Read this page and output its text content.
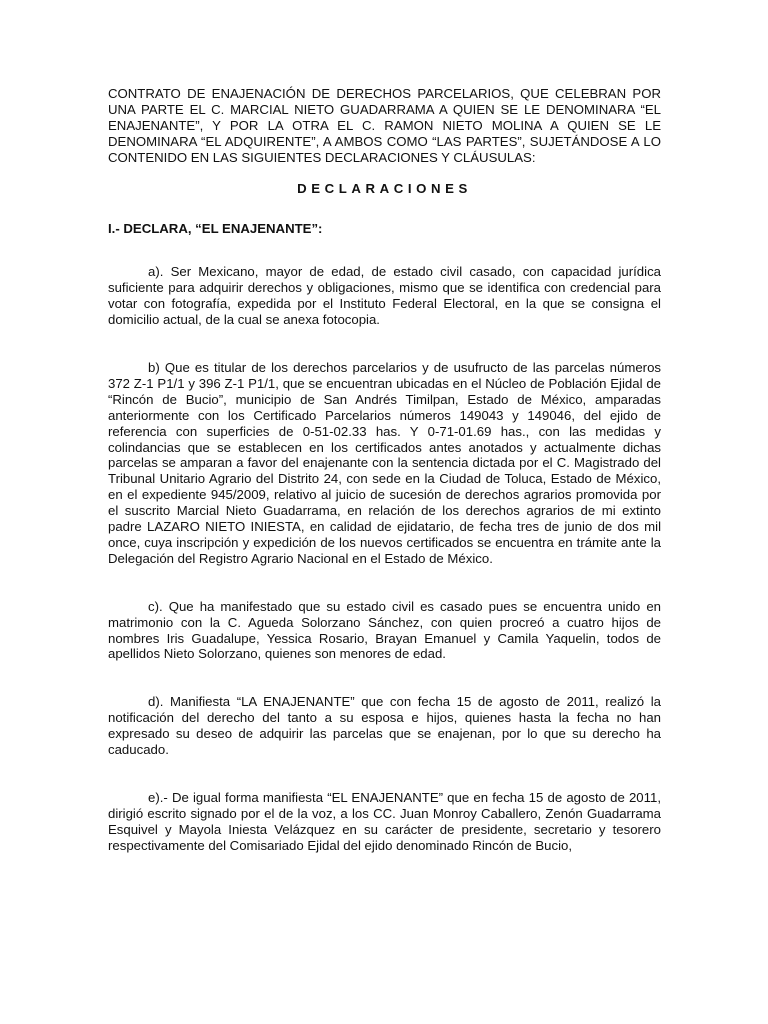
CONTRATO DE ENAJENACIÓN DE DERECHOS PARCELARIOS, QUE CELEBRAN POR UNA PARTE EL C. MARCIAL NIETO GUADARRAMA A QUIEN SE LE DENOMINARA “EL ENAJENANTE”, Y POR LA OTRA EL C. RAMON NIETO MOLINA A QUIEN SE LE DENOMINARA “EL ADQUIRENTE”, A AMBOS COMO “LAS PARTES”, SUJETÁNDOSE A LO CONTENIDO EN LAS SIGUIENTES DECLARACIONES Y CLÁUSULAS:

DECLARACIONES

I.- DECLARA, “EL ENAJENANTE”:

a). Ser Mexicano, mayor de edad, de estado civil casado, con capacidad jurídica suficiente para adquirir derechos y obligaciones, mismo que se identifica con credencial para votar con fotografía, expedida por el Instituto Federal Electoral, en la que se consigna el domicilio actual, de la cual se anexa fotocopia.

b) Que es titular de los derechos parcelarios y de usufructo de las parcelas números 372 Z-1 P1/1 y 396 Z-1 P1/1, que se encuentran ubicadas en el Núcleo de Población Ejidal de “Rincón de Bucio”, municipio de San Andrés Timilpan, Estado de México, amparadas anteriormente con los Certificado Parcelarios números 149043 y 149046, del ejido de referencia con superficies de 0-51-02.33 has. Y 0-71-01.69 has., con las medidas y colindancias que se establecen en los certificados antes anotados y actualmente dichas parcelas se amparan a favor del enajenante con la sentencia dictada por el C. Magistrado del Tribunal Unitario Agrario del Distrito 24, con sede en la Ciudad de Toluca, Estado de México, en el expediente 945/2009, relativo al juicio de sucesión de derechos agrarios promovida por el suscrito Marcial Nieto Guadarrama, en relación de los derechos agrarios de mi extinto padre LAZARO NIETO INIESTA, en calidad de ejidatario, de fecha tres de junio de dos mil once, cuya inscripción y expedición de los nuevos certificados se encuentra en trámite ante la Delegación del Registro Agrario Nacional en el Estado de México.

c). Que ha manifestado que su estado civil es casado pues se encuentra unido en matrimonio con la C. Agueda Solorzano Sánchez, con quien procreó a cuatro hijos de nombres Iris Guadalupe, Yessica Rosario, Brayan Emanuel y Camila Yaquelin, todos de apellidos Nieto Solorzano, quienes son menores de edad.

d). Manifiesta “LA ENAJENANTE” que con fecha 15 de agosto de 2011, realizó la notificación del derecho del tanto a su esposa e hijos, quienes hasta la fecha no han expresado su deseo de adquirir las parcelas que se enajenan, por lo que su derecho ha caducado.

e).- De igual forma manifiesta “EL ENAJENANTE” que en fecha 15 de agosto de 2011, dirigió escrito signado por el de la voz, a los CC. Juan Monroy Caballero, Zenón Guadarrama Esquivel y Mayola Iniesta Velázquez en su carácter de presidente, secretario y tesorero respectivamente del Comisariado Ejidal del ejido denominado Rincón de Bucio,
